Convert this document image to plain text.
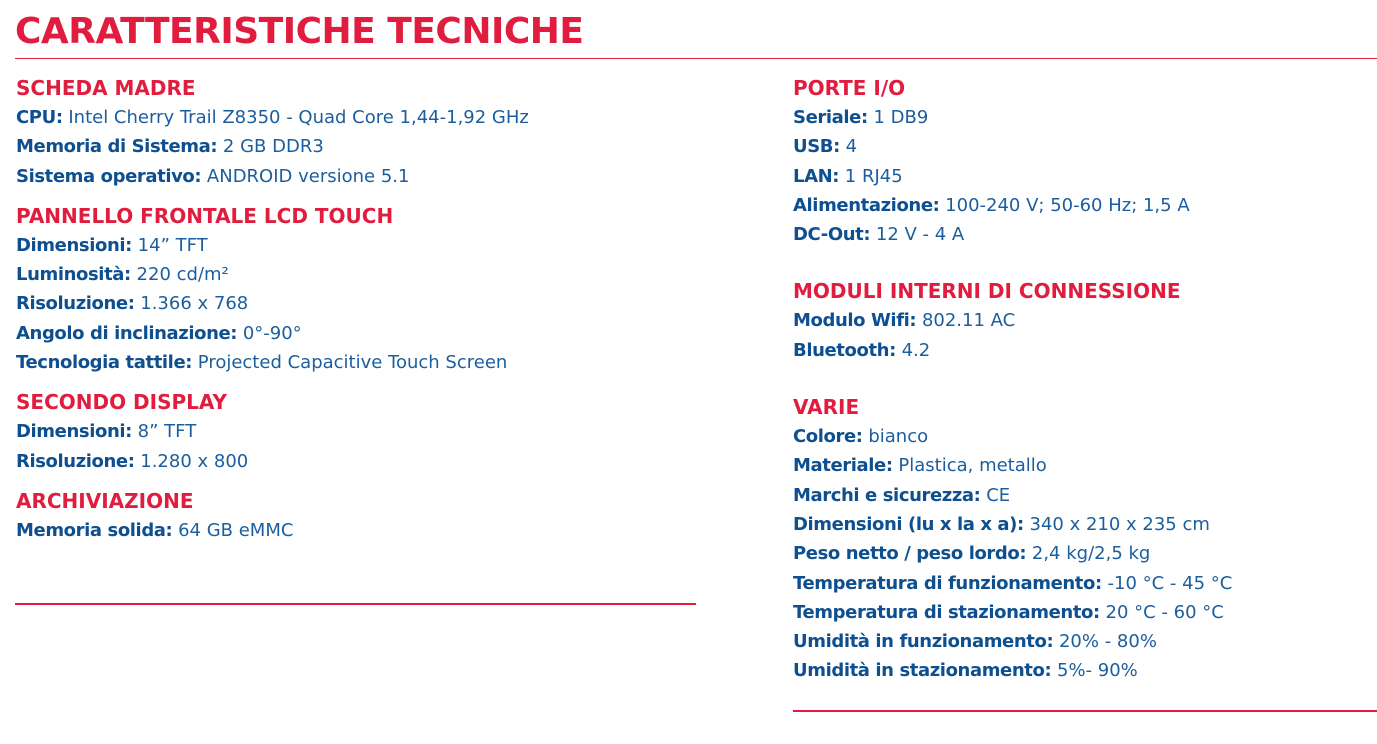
CARATTERISTICHE TECNICHE
SCHEDA MADRE
CPU: Intel Cherry Trail Z8350 - Quad Core 1,44-1,92 GHz
Memoria di Sistema: 2 GB DDR3
Sistema operativo: ANDROID versione 5.1
PANNELLO FRONTALE LCD TOUCH
Dimensioni: 14” TFT
Luminosità: 220 cd/m²
Risoluzione: 1.366 x 768
Angolo di inclinazione: 0°-90°
Tecnologia tattile: Projected Capacitive Touch Screen
SECONDO DISPLAY
Dimensioni: 8” TFT
Risoluzione: 1.280 x 800
ARCHIVIAZIONE
Memoria solida: 64 GB eMMC
PORTE I/O
Seriale: 1 DB9
USB: 4
LAN: 1 RJ45
Alimentazione: 100-240 V; 50-60 Hz; 1,5 A
DC-Out: 12 V - 4 A
MODULI INTERNI DI CONNESSIONE
Modulo Wifi: 802.11 AC
Bluetooth: 4.2
VARIE
Colore: bianco
Materiale: Plastica, metallo
Marchi e sicurezza: CE
Dimensioni (lu x la x a): 340 x 210 x 235 cm
Peso netto / peso lordo: 2,4 kg/2,5 kg
Temperatura di funzionamento: -10 °C - 45 °C
Temperatura di stazionamento: 20 °C - 60 °C
Umidità in funzionamento: 20% - 80%
Umidità in stazionamento: 5%- 90%
